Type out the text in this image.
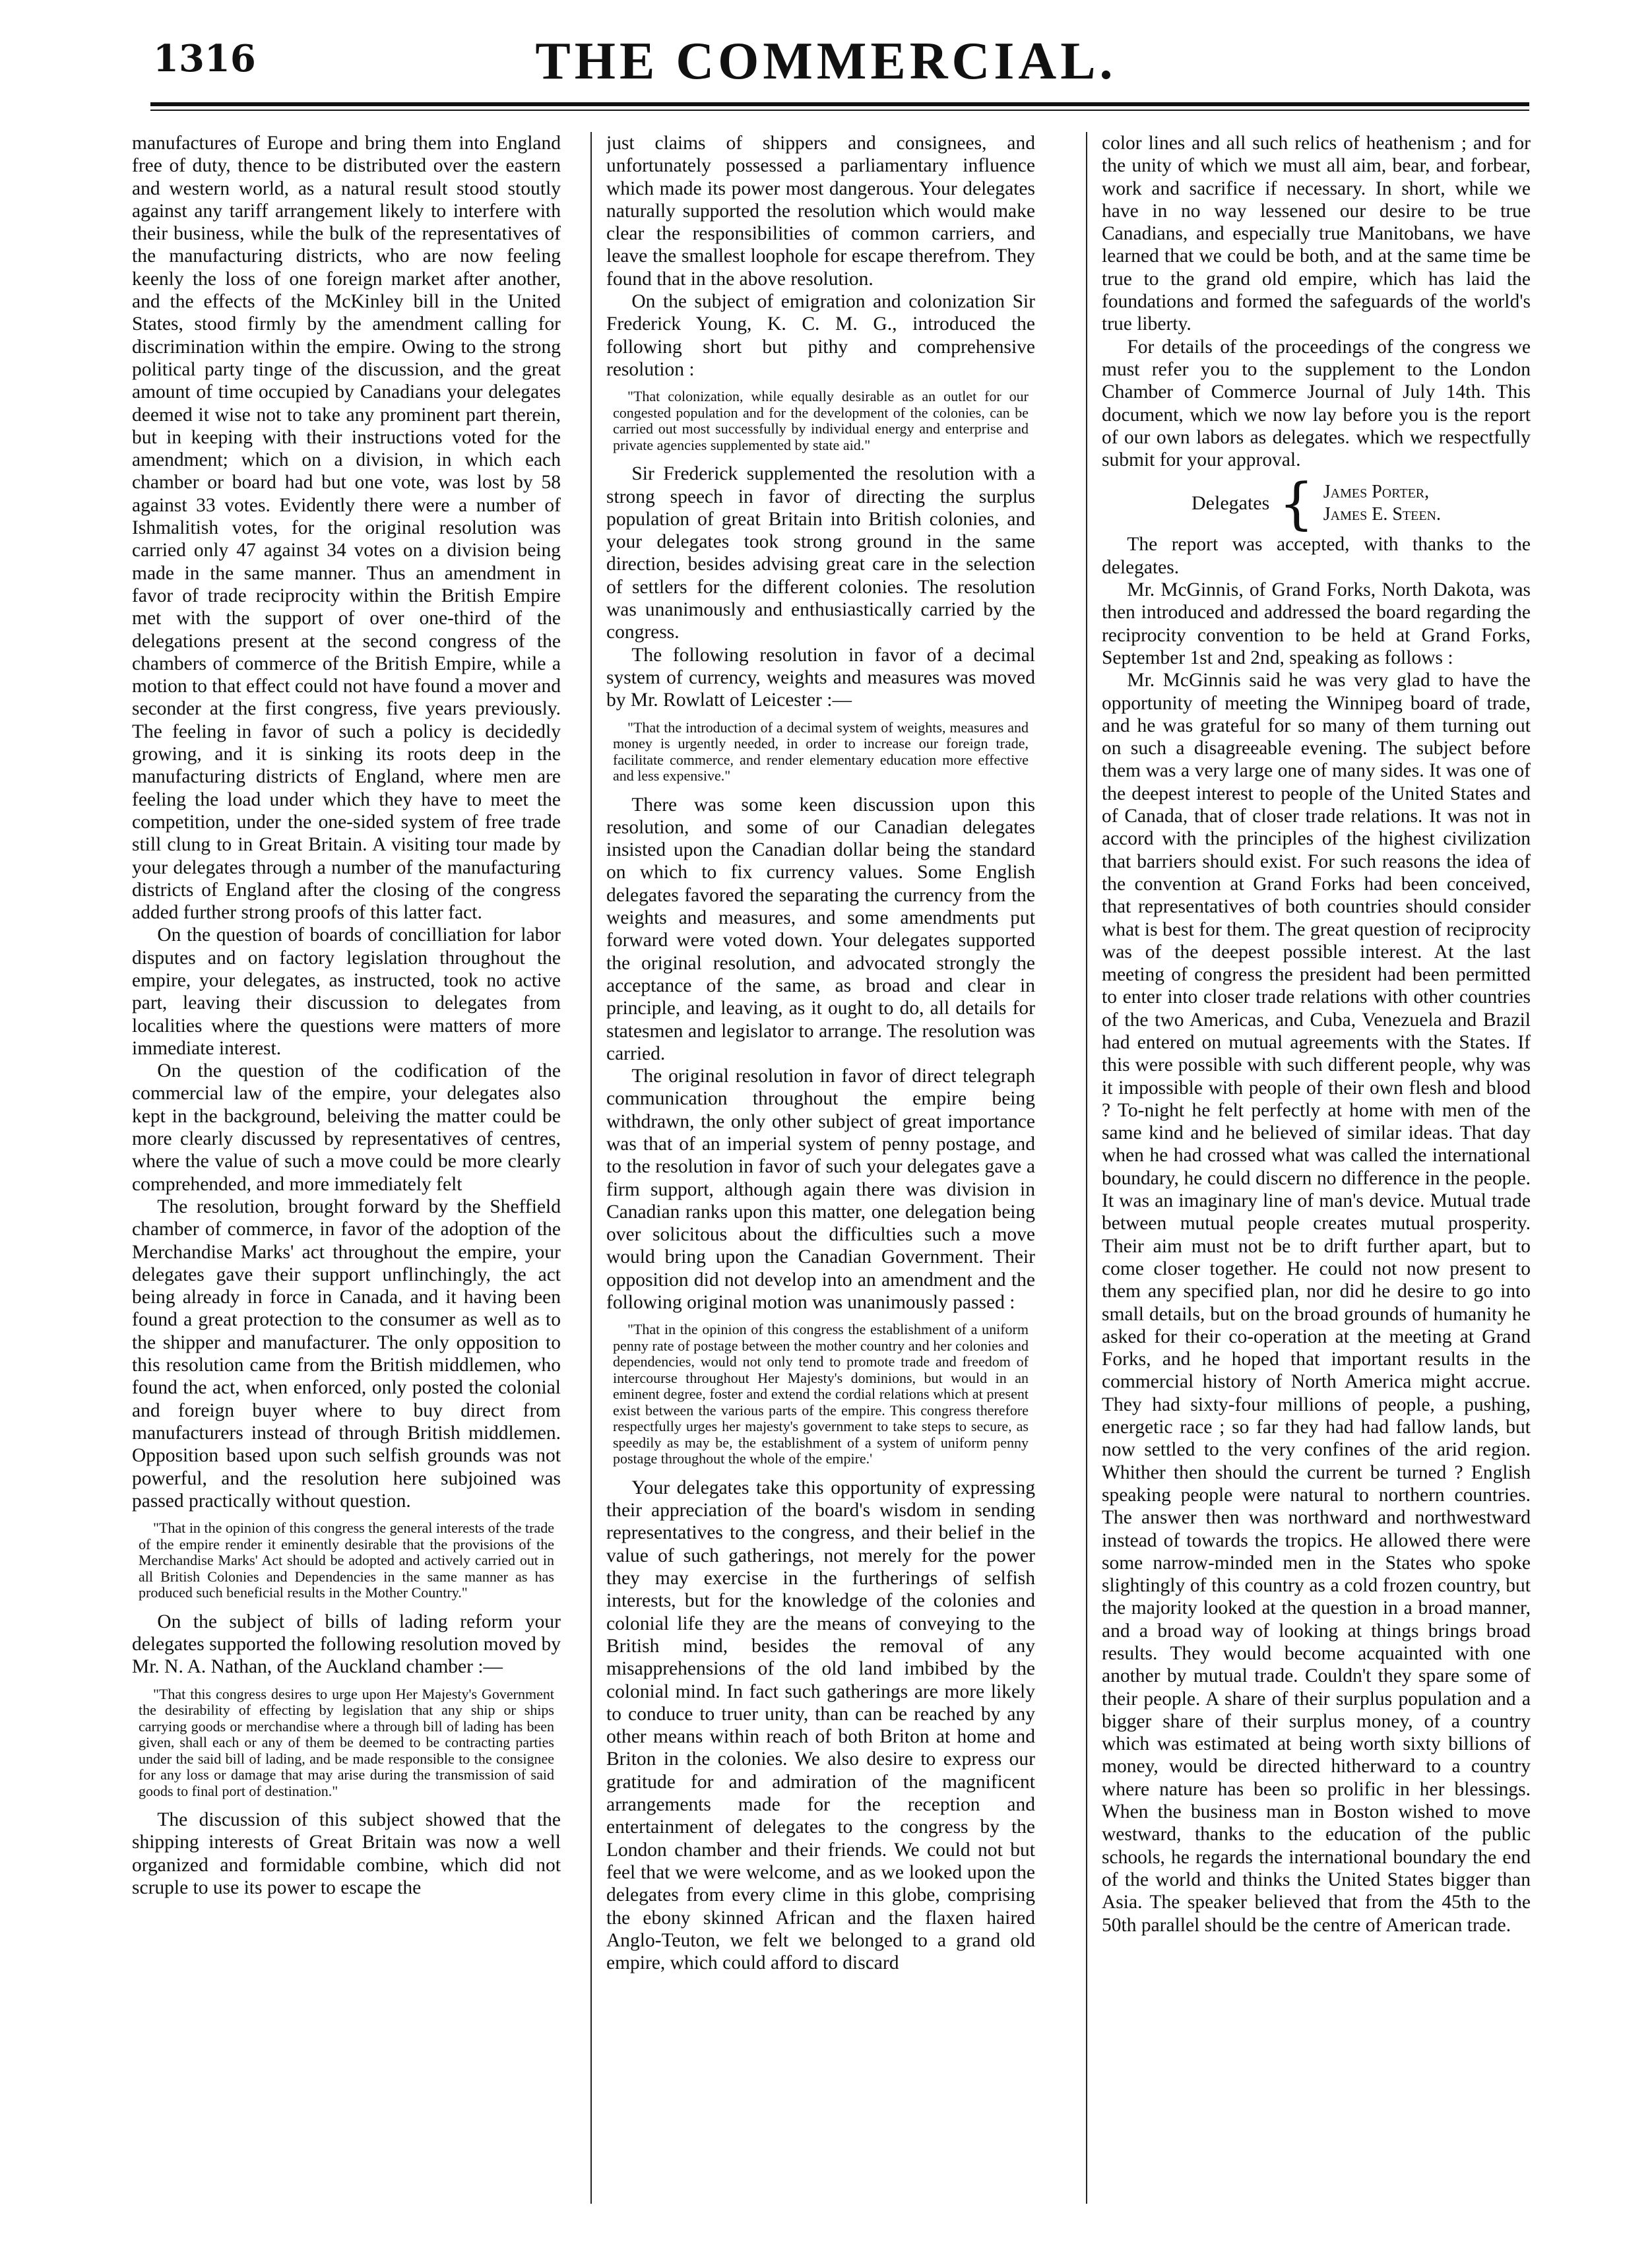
1316	THE COMMERCIAL.

manufactures of Europe and bring them into England free of duty, thence to be distributed over the eastern and western world, as a natural result stood stoutly against any tariff arrangement likely to interfere with their business, while the bulk of the representatives of the manufacturing districts, who are now feeling keenly the loss of one foreign market after another, and the effects of the McKinley bill in the United States, stood firmly by the amendment calling for discrimination within the empire. Owing to the strong political party tinge of the discussion, and the great amount of time occupied by Canadians your delegates deemed it wise not to take any prominent part therein, but in keeping with their instructions voted for the amendment; which on a division, in which each chamber or board had but one vote, was lost by 58 against 33 votes. Evidently there were a number of Ishmalitish votes, for the original resolution was carried only 47 against 34 votes on a division being made in the same manner. Thus an amendment in favor of trade reciprocity within the British Empire met with the support of over one-third of the delegations present at the second congress of the chambers of commerce of the British Empire, while a motion to that effect could not have found a mover and seconder at the first congress, five years previously. The feeling in favor of such a policy is decidedly growing, and it is sinking its roots deep in the manufacturing districts of England, where men are feeling the load under which they have to meet the competition, under the one-sided system of free trade still clung to in Great Britain. A visiting tour made by your delegates through a number of the manufacturing districts of England after the closing of the congress added further strong proofs of this latter fact.

On the question of boards of concilliation for labor disputes and on factory legislation throughout the empire, your delegates, as instructed, took no active part, leaving their discussion to delegates from localities where the questions were matters of more immediate interest.

On the question of the codification of the commercial law of the empire, your delegates also kept in the background, beleiving the matter could be more clearly discussed by representatives of centres, where the value of such a move could be more clearly comprehended, and more immediately felt

The resolution, brought forward by the Sheffield chamber of commerce, in favor of the adoption of the Merchandise Marks' act throughout the empire, your delegates gave their support unflinchingly, the act being already in force in Canada, and it having been found a great protection to the consumer as well as to the shipper and manufacturer. The only opposition to this resolution came from the British middlemen, who found the act, when enforced, only posted the colonial and foreign buyer where to buy direct from manufacturers instead of through British middlemen. Opposition based upon such selfish grounds was not powerful, and the resolution here subjoined was passed practically without question.

"That in the opinion of this congress the general interests of the trade of the empire render it eminently desirable that the provisions of the Merchandise Marks' Act should be adopted and actively carried out in all British Colonies and Dependencies in the same manner as has produced such beneficial results in the Mother Country."

On the subject of bills of lading reform your delegates supported the following resolution moved by Mr. N. A. Nathan, of the Auckland chamber :—

"That this congress desires to urge upon Her Majesty's Government the desirability of effecting by legislation that any ship or ships carrying goods or merchandise where a through bill of lading has been given, shall each or any of them be deemed to be contracting parties under the said bill of lading, and be made responsible to the consignee for any loss or damage that may arise during the transmission of said goods to final port of destination."

The discussion of this subject showed that the shipping interests of Great Britain was now a well organized and formidable combine, which did not scruple to use its power to escape the

just claims of shippers and consignees, and unfortunately possessed a parliamentary influence which made its power most dangerous. Your delegates naturally supported the resolution which would make clear the responsibilities of common carriers, and leave the smallest loophole for escape therefrom. They found that in the above resolution.

On the subject of emigration and colonization Sir Frederick Young, K. C. M. G., introduced the following short but pithy and comprehensive resolution :

"That colonization, while equally desirable as an outlet for our congested population and for the development of the colonies, can be carried out most successfully by individual energy and enterprise and private agencies supplemented by state aid."

Sir Frederick supplemented the resolution with a strong speech in favor of directing the surplus population of great Britain into British colonies, and your delegates took strong ground in the same direction, besides advising great care in the selection of settlers for the different colonies. The resolution was unanimously and enthusiastically carried by the congress.

The following resolution in favor of a decimal system of currency, weights and measures was moved by Mr. Rowlatt of Leicester :—

"That the introduction of a decimal system of weights, measures and money is urgently needed, in order to increase our foreign trade, facilitate commerce, and render elementary education more effective and less expensive."

There was some keen discussion upon this resolution, and some of our Canadian delegates insisted upon the Canadian dollar being the standard on which to fix currency values. Some English delegates favored the separating the currency from the weights and measures, and some amendments put forward were voted down. Your delegates supported the original resolution, and advocated strongly the acceptance of the same, as broad and clear in principle, and leaving, as it ought to do, all details for statesmen and legislator to arrange. The resolution was carried.

The original resolution in favor of direct telegraph communication throughout the empire being withdrawn, the only other subject of great importance was that of an imperial system of penny postage, and to the resolution in favor of such your delegates gave a firm support, although again there was division in Canadian ranks upon this matter, one delegation being over solicitous about the difficulties such a move would bring upon the Canadian Government. Their opposition did not develop into an amendment and the following original motion was unanimously passed :

"That in the opinion of this congress the establishment of a uniform penny rate of postage between the mother country and her colonies and dependencies, would not only tend to promote trade and freedom of intercourse throughout Her Majesty's dominions, but would in an eminent degree, foster and extend the cordial relations which at present exist between the various parts of the empire. This congress therefore respectfully urges her majesty's government to take steps to secure, as speedily as may be, the establishment of a system of uniform penny postage throughout the whole of the empire.'

Your delegates take this opportunity of expressing their appreciation of the board's wisdom in sending representatives to the congress, and their belief in the value of such gatherings, not merely for the power they may exercise in the furtherings of selfish interests, but for the knowledge of the colonies and colonial life they are the means of conveying to the British mind, besides the removal of any misapprehensions of the old land imbibed by the colonial mind. In fact such gatherings are more likely to conduce to truer unity, than can be reached by any other means within reach of both Briton at home and Briton in the colonies. We also desire to express our gratitude for and admiration of the magnificent arrangements made for the reception and entertainment of delegates to the congress by the London chamber and their friends. We could not but feel that we were welcome, and as we looked upon the delegates from every clime in this globe, comprising the ebony skinned African and the flaxen haired Anglo-Teuton, we felt we belonged to a grand old empire, which could afford to discard

color lines and all such relics of heathenism ; and for the unity of which we must all aim, bear, and forbear, work and sacrifice if necessary. In short, while we have in no way lessened our desire to be true Canadians, and especially true Manitobans, we have learned that we could be both, and at the same time be true to the grand old empire, which has laid the foundations and formed the safeguards of the world's true liberty.

For details of the proceedings of the congress we must refer you to the supplement to the London Chamber of Commerce Journal of July 14th. This document, which we now lay before you is the report of our own labors as delegates. which we respectfully submit for your approval.

Delegates { James Porter,
James E. Steen.

The report was accepted, with thanks to the delegates.

Mr. McGinnis, of Grand Forks, North Dakota, was then introduced and addressed the board regarding the reciprocity convention to be held at Grand Forks, September 1st and 2nd, speaking as follows :

Mr. McGinnis said he was very glad to have the opportunity of meeting the Winnipeg board of trade, and he was grateful for so many of them turning out on such a disagreeable evening. The subject before them was a very large one of many sides. It was one of the deepest interest to people of the United States and of Canada, that of closer trade relations. It was not in accord with the principles of the highest civilization that barriers should exist. For such reasons the idea of the convention at Grand Forks had been conceived, that representatives of both countries should consider what is best for them. The great question of reciprocity was of the deepest possible interest. At the last meeting of congress the president had been permitted to enter into closer trade relations with other countries of the two Americas, and Cuba, Venezuela and Brazil had entered on mutual agreements with the States. If this were possible with such different people, why was it impossible with people of their own flesh and blood ? To-night he felt perfectly at home with men of the same kind and he believed of similar ideas. That day when he had crossed what was called the international boundary, he could discern no difference in the people. It was an imaginary line of man's device. Mutual trade between mutual people creates mutual prosperity. Their aim must not be to drift further apart, but to come closer together. He could not now present to them any specified plan, nor did he desire to go into small details, but on the broad grounds of humanity he asked for their co-operation at the meeting at Grand Forks, and he hoped that important results in the commercial history of North America might accrue. They had sixty-four millions of people, a pushing, energetic race ; so far they had had fallow lands, but now settled to the very confines of the arid region. Whither then should the current be turned ? English speaking people were natural to northern countries. The answer then was northward and northwestward instead of towards the tropics. He allowed there were some narrow-minded men in the States who spoke slightingly of this country as a cold frozen country, but the majority looked at the question in a broad manner, and a broad way of looking at things brings broad results. They would become acquainted with one another by mutual trade. Couldn't they spare some of their people. A share of their surplus population and a bigger share of their surplus money, of a country which was estimated at being worth sixty billions of money, would be directed hitherward to a country where nature has been so prolific in her blessings. When the business man in Boston wished to move westward, thanks to the education of the public schools, he regards the international boundary the end of the world and thinks the United States bigger than Asia. The speaker believed that from the 45th to the 50th parallel should be the centre of American trade.
